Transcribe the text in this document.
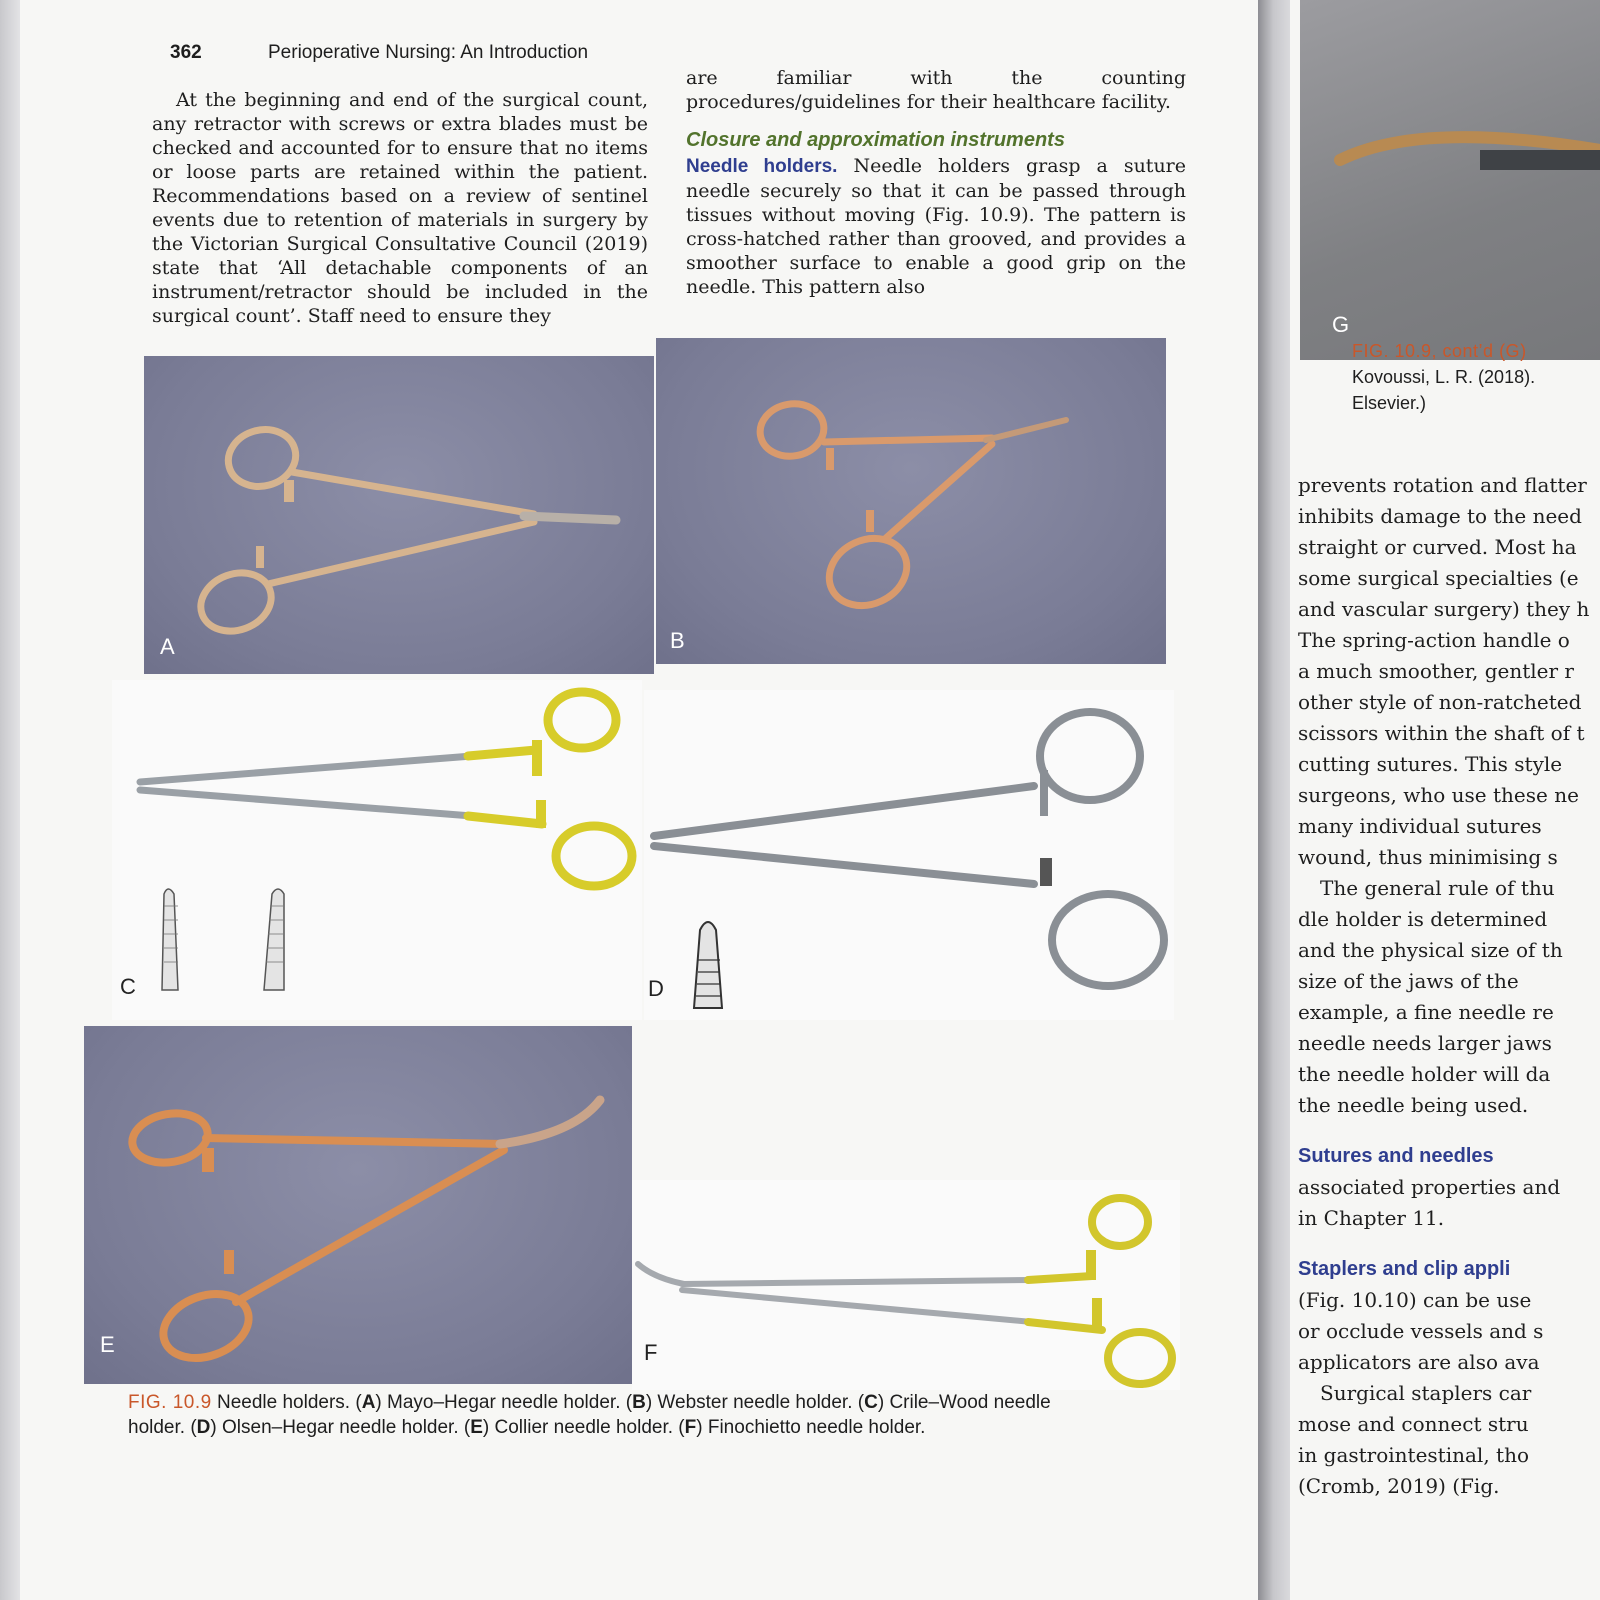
362	Perioperative Nursing: An Introduction

At the beginning and end of the surgical count, any retractor with screws or extra blades must be checked and accounted for to ensure that no items or loose parts are retained within the patient. Recommendations based on a review of sentinel events due to retention of materials in surgery by the Victorian Surgical Consultative Council (2019) state that ‘All detachable components of an instrument/retractor should be included in the surgical count’. Staff need to ensure they

are familiar with the counting procedures/guidelines for their healthcare facility.

Closure and approximation instruments

Needle holders. Needle holders grasp a suture needle securely so that it can be passed through tissues without moving (Fig. 10.9). The pattern is cross-hatched rather than grooved, and provides a smoother surface to enable a good grip on the needle. This pattern also

A	B
C	D
E	F
FIG. 10.9 Needle holders. (A) Mayo–Hegar needle holder. (B) Webster needle holder. (C) Crile–Wood needle holder. (D) Olsen–Hegar needle holder. (E) Collier needle holder. (F) Finochietto needle holder.
G
FIG. 10.9, cont’d (G)
Kovoussi, L. R. (2018).
Elsevier.)
prevents rotation and flatter
inhibits damage to the need
straight or curved. Most ha
some surgical specialties (e
and vascular surgery) they h
The spring-action handle o
a much smoother, gentler r
other style of non-ratcheted
scissors within the shaft of t
cutting sutures. This style
surgeons, who use these ne
many individual sutures
wound, thus minimising s
The general rule of thu
dle holder is determined
and the physical size of th
size of the jaws of the
example, a fine needle re
needle needs larger jaws
the needle holder will da
the needle being used.
Sutures and needles
associated properties and
in Chapter 11.
Staplers and clip appli
(Fig. 10.10) can be use
or occlude vessels and s
applicators are also ava
Surgical staplers car
mose and connect stru
in gastrointestinal, tho
(Cromb, 2019) (Fig.
